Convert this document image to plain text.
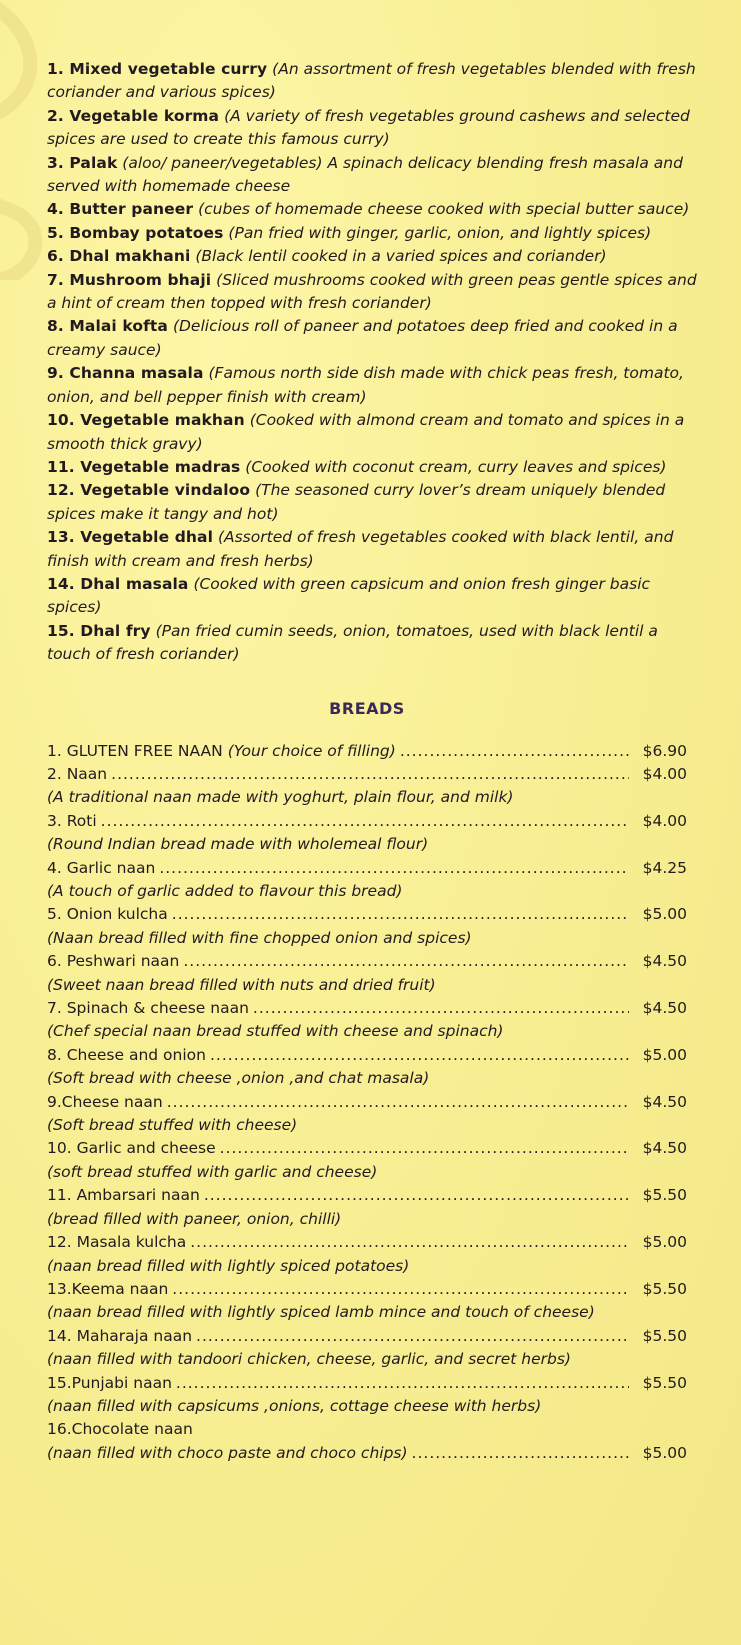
1. Mixed vegetable curry (An assortment of fresh vegetables blended with fresh coriander and various spices)
2. Vegetable korma (A variety of fresh vegetables ground cashews and selected spices are used to create this famous curry)
3. Palak (aloo/ paneer/vegetables) A spinach delicacy blending fresh masala and served with homemade cheese
4. Butter paneer (cubes of homemade cheese cooked with special butter sauce)
5. Bombay potatoes (Pan fried with ginger, garlic, onion, and lightly spices)
6. Dhal makhani (Black lentil cooked in a varied spices and coriander)
7. Mushroom bhaji (Sliced mushrooms cooked with green peas gentle spices and a hint of cream then topped with fresh coriander)
8. Malai kofta (Delicious roll of paneer and potatoes deep fried and cooked in a creamy sauce)
9. Channa masala (Famous north side dish made with chick peas fresh, tomato, onion, and bell pepper finish with cream)
10. Vegetable makhan (Cooked with almond cream and tomato and spices in a smooth thick gravy)
11. Vegetable madras (Cooked with coconut cream, curry leaves and spices)
12. Vegetable vindaloo (The seasoned curry lover’s dream uniquely blended spices make it tangy and hot)
13. Vegetable dhal (Assorted of fresh vegetables cooked with black lentil, and finish with cream and fresh herbs)
14. Dhal masala (Cooked with green capsicum and onion fresh ginger basic spices)
15. Dhal fry (Pan fried cumin seeds, onion, tomatoes, used with black lentil a touch of fresh coriander)
BREADS
1. GLUTEN FREE NAAN (Your choice of filling) .....	$6.90
2. Naan .....	$4.00
(A traditional naan made with yoghurt, plain flour, and milk)
3. Roti .....	$4.00
(Round Indian bread made with wholemeal flour)
4. Garlic naan .....	$4.25
(A touch of garlic added to flavour this bread)
5. Onion kulcha .....	$5.00
(Naan bread filled with fine chopped onion and spices)
6. Peshwari naan .....	$4.50
(Sweet naan bread filled with nuts and dried fruit)
7. Spinach & cheese naan .....	$4.50
(Chef special naan bread stuffed with cheese and spinach)
8. Cheese and onion .....	$5.00
(Soft bread with cheese ,onion ,and chat masala)
9.Cheese naan .....	$4.50
(Soft bread stuffed with cheese)
10. Garlic and cheese .....	$4.50
(soft bread stuffed with garlic and cheese)
11. Ambarsari naan .....	$5.50
(bread filled with paneer, onion, chilli)
12. Masala kulcha .....	$5.00
(naan bread filled with lightly spiced potatoes)
13.Keema naan .....	$5.50
(naan bread filled with lightly spiced lamb mince and touch of cheese)
14. Maharaja naan .....	$5.50
(naan filled with tandoori chicken, cheese, garlic, and secret herbs)
15.Punjabi naan .....	$5.50
(naan filled with capsicums ,onions, cottage cheese with herbs)
16.Chocolate naan
(naan filled with choco paste and choco chips) .....	$5.00
